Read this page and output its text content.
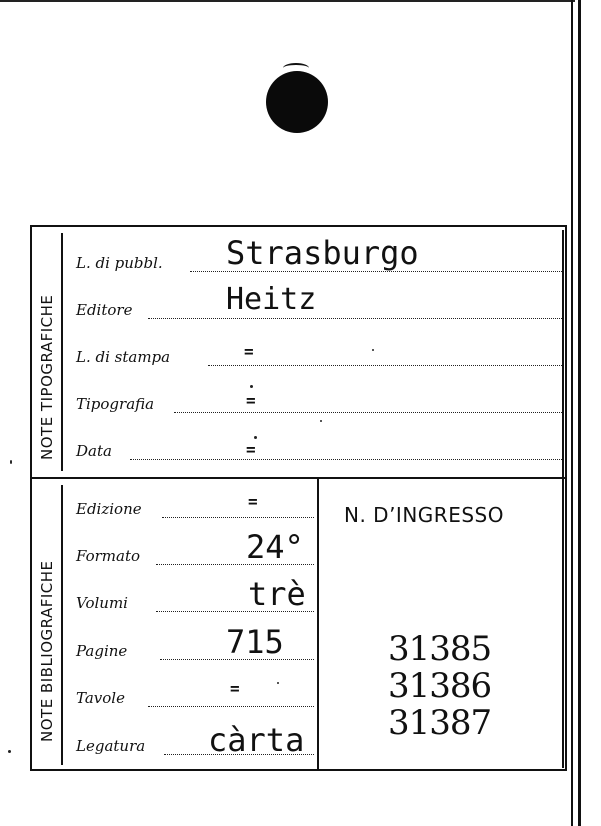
NOTE TIPOGRAFICHE
NOTE BIBLIOGRAFICHE
L. di pubbl. Strasburgo
Editore	Heitz
L. di stampa	=
Tipografia	=
Data	=
Edizione	=
Formato	24°
Volumi	trè
Pagine	715
Tavole	=
Legatura càrta
N. D’INGRESSO
31385
31386
31387
